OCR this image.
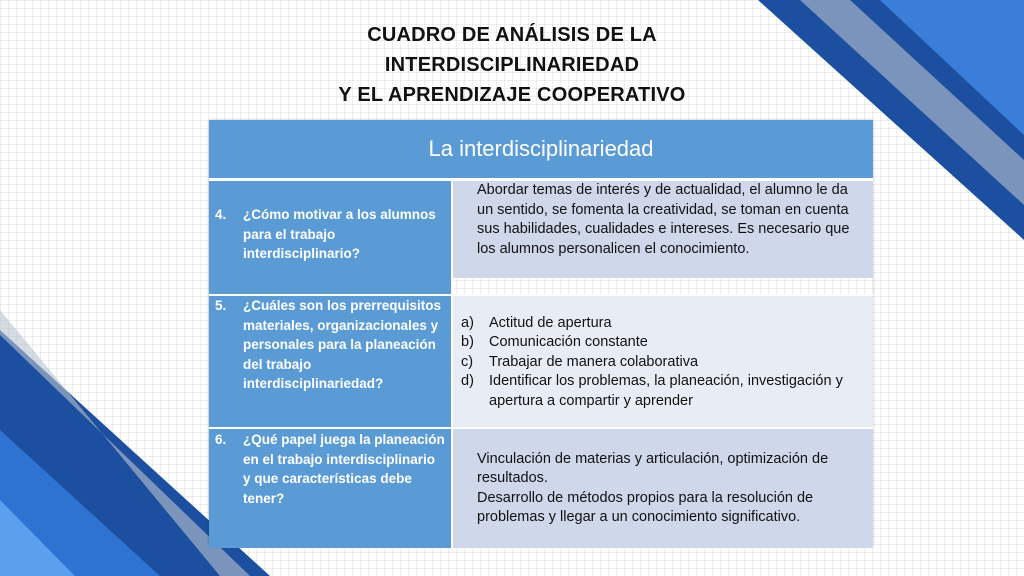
CUADRO DE ANÁLISIS DE LA
INTERDISCIPLINARIEDAD
Y EL APRENDIZAJE COOPERATIVO
La interdisciplinariedad
4.	¿Cómo motivar a los alumnos para el trabajo interdisciplinario?
Abordar temas de interés y de actualidad, el alumno le da un sentido, se fomenta la creatividad, se toman en cuenta sus habilidades, cualidades e intereses. Es necesario que los alumnos personalicen el conocimiento.
5.	¿Cuáles son los prerrequisitos materiales, organizacionales y personales para la planeación del trabajo interdisciplinariedad?
a)	Actitud de apertura
b)	Comunicación constante
c)	Trabajar de manera colaborativa
d)	Identificar los problemas, la planeación, investigación y apertura a compartir y aprender
6.	¿Qué papel juega la planeación en el trabajo interdisciplinario y que características debe tener?
Vinculación de materias y articulación, optimización de resultados.
Desarrollo de métodos propios para la resolución de problemas y llegar a un conocimiento significativo.
